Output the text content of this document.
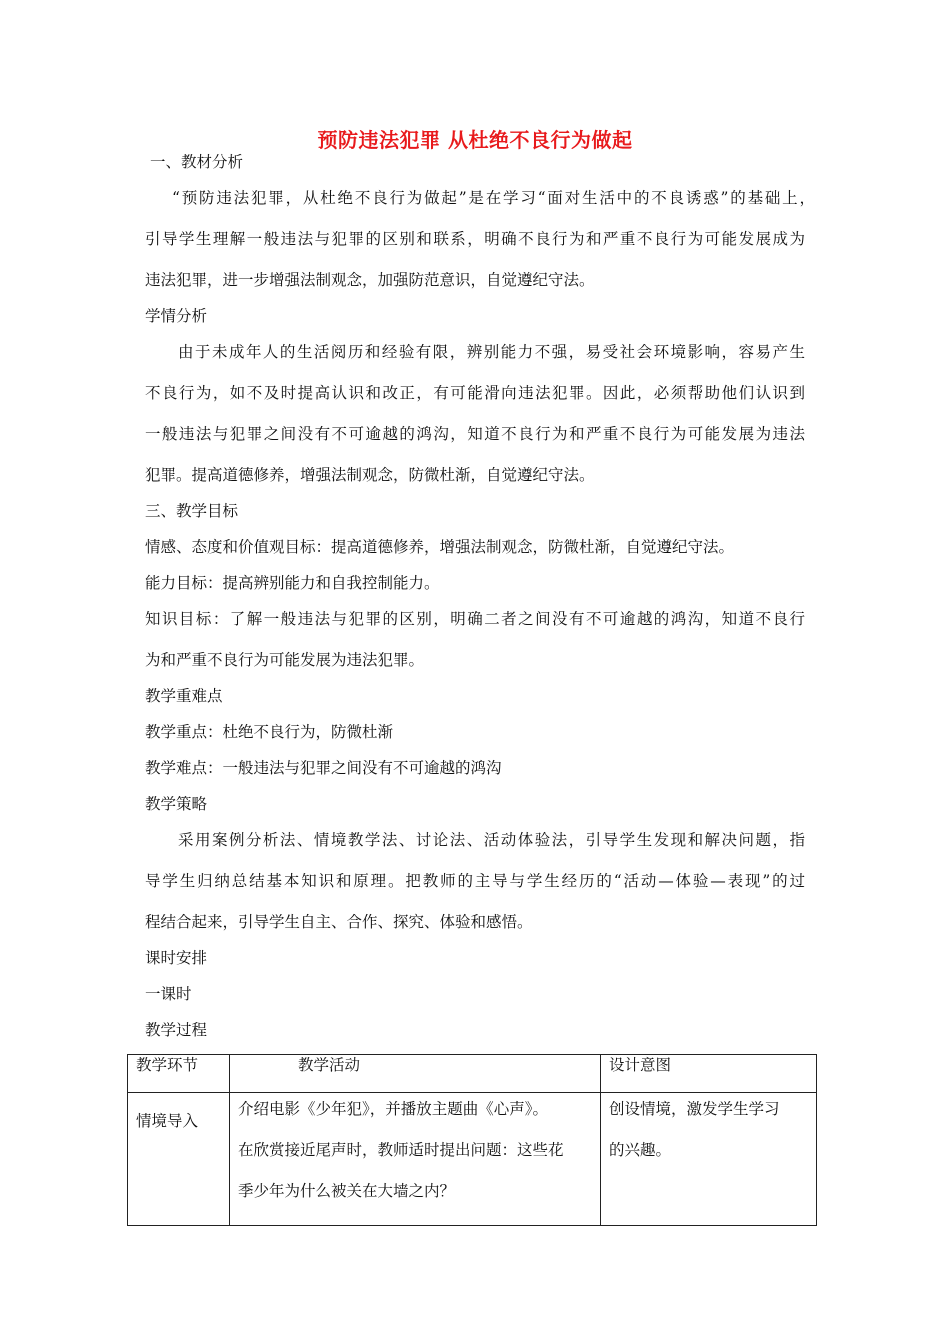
预防违法犯罪 从杜绝不良行为做起

一、教材分析

“预防违法犯罪，从杜绝不良行为做起”是在学习“面对生活中的不良诱惑”的基础上，

引导学生理解一般违法与犯罪的区别和联系，明确不良行为和严重不良行为可能发展成为

违法犯罪，进一步增强法制观念，加强防范意识，自觉遵纪守法。

学情分析

由于未成年人的生活阅历和经验有限，辨别能力不强，易受社会环境影响，容易产生

不良行为，如不及时提高认识和改正，有可能滑向违法犯罪。因此，必须帮助他们认识到

一般违法与犯罪之间没有不可逾越的鸿沟，知道不良行为和严重不良行为可能发展为违法

犯罪。提高道德修养，增强法制观念，防微杜渐，自觉遵纪守法。

三、教学目标

情感、态度和价值观目标：提高道德修养，增强法制观念，防微杜渐，自觉遵纪守法。

能力目标：提高辨别能力和自我控制能力。

知识目标：了解一般违法与犯罪的区别，明确二者之间没有不可逾越的鸿沟，知道不良行

为和严重不良行为可能发展为违法犯罪。

教学重难点

教学重点：杜绝不良行为，防微杜渐

教学难点：一般违法与犯罪之间没有不可逾越的鸿沟

教学策略

采用案例分析法、情境教学法、讨论法、活动体验法，引导学生发现和解决问题，指

导学生归纳总结基本知识和原理。把教师的主导与学生经历的“活动—体验—表现”的过

程结合起来，引导学生自主、合作、探究、体验和感悟。

课时安排

一课时

教学过程

教学环节	教学活动	设计意图
情境导入	介绍电影《少年犯》，并播放主题曲《心声》。
在欣赏接近尾声时，教师适时提出问题：这些花
季少年为什么被关在大墙之内？	创设情境，激发学生学习
的兴趣。
